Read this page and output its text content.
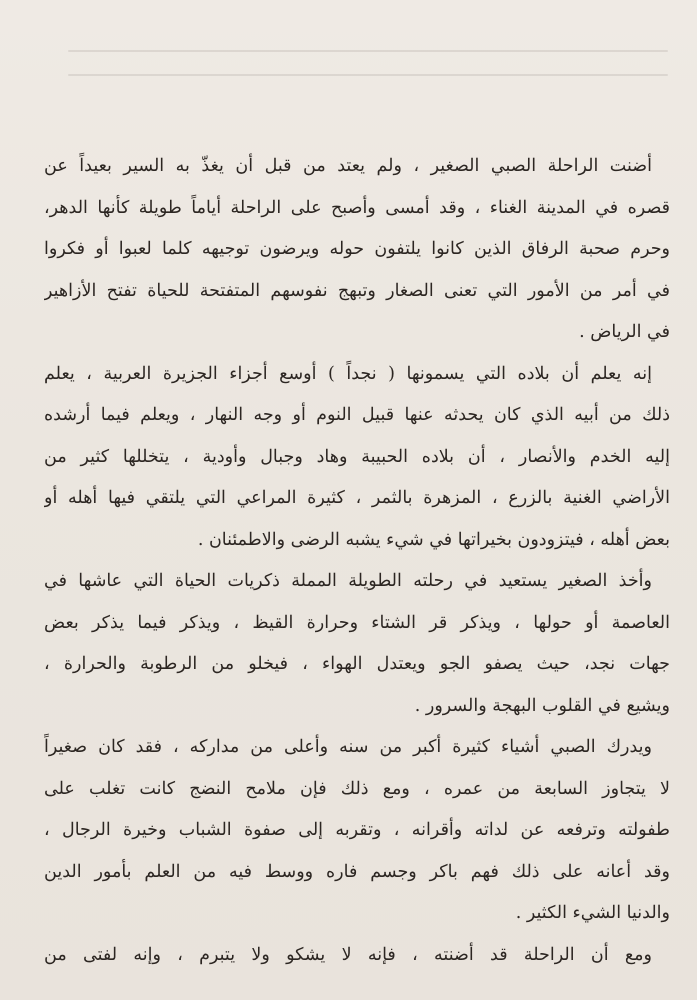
أضنت الراحلة الصبي الصغير ، ولم يعتد من قبل أن يغذّ به السير بعيداً عن
قصره في المدينة الغناء ، وقد أمسى وأصبح على الراحلة أياماً طويلة كأنها الدهر،
وحرم صحبة الرفاق الذين كانوا يلتفون حوله ويرضون توجيهه كلما لعبوا أو فكروا
في أمر من الأمور التي تعنى الصغار وتبهج نفوسهم المتفتحة للحياة تفتح الأزاهير
في الرياض .
إنه يعلم أن بلاده التي يسمونها ( نجداً ) أوسع أجزاء الجزيرة العربية ، يعلم
ذلك من أبيه الذي كان يحدثه عنها قبيل النوم أو وجه النهار ، ويعلم فيما أرشده
إليه الخدم والأنصار ، أن بلاده الحبيبة وهاد وجبال وأودية ، يتخللها كثير من
الأراضي الغنية بالزرع ، المزهرة بالثمر ، كثيرة المراعي التي يلتقي فيها أهله أو
بعض أهله ، فيتزودون بخيراتها في شيء يشبه الرضى والاطمئنان .
وأخذ الصغير يستعيد في رحلته الطويلة المملة ذكريات الحياة التي عاشها في
العاصمة أو حولها ، ويذكر قر الشتاء وحرارة القيظ ، ويذكر فيما يذكر بعض
جهات نجد، حيث يصفو الجو ويعتدل الهواء ، فيخلو من الرطوبة والحرارة ،
ويشيع في القلوب البهجة والسرور .
ويدرك الصبي أشياء كثيرة أكبر من سنه وأعلى من مداركه ، فقد كان صغيراً
لا يتجاوز السابعة من عمره ، ومع ذلك فإن ملامح النضج كانت تغلب على
طفولته وترفعه عن لداته وأقرانه ، وتقربه إلى صفوة الشباب وخيرة الرجال ،
وقد أعانه على ذلك فهم باكر وجسم فاره ووسط فيه من العلم بأمور الدين
والدنيا الشيء الكثير .
ومع أن الراحلة قد أضنته ، فإنه لا يشكو ولا يتبرم ، وإنه لفتى من
